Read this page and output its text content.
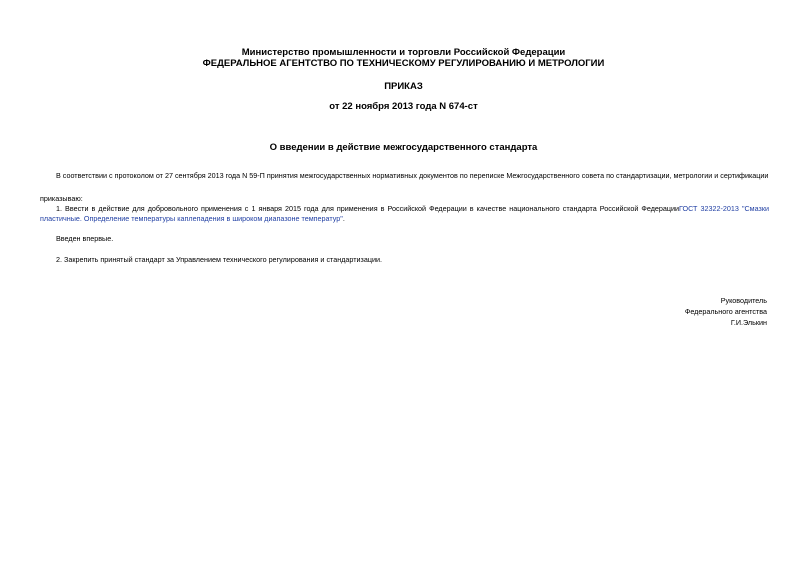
Министерство промышленности и торговли Российской Федерации
ФЕДЕРАЛЬНОЕ АГЕНТСТВО ПО ТЕХНИЧЕСКОМУ РЕГУЛИРОВАНИЮ И МЕТРОЛОГИИ
ПРИКАЗ
от 22 ноября 2013 года N 674-ст
О введении в действие межгосударственного стандарта
В соответствии с протоколом от 27 сентября 2013 года N 59-П принятия межгосударственных нормативных документов по переписке Межгосударственного совета по стандартизации, метрологии и сертификации
приказываю:
1. Ввести в действие для добровольного применения с 1 января 2015 года для применения в Российской Федерации в качестве национального стандарта Российской ФедерацииГОСТ 32322-2013 "Смазки
пластичные. Определение температуры каплепадения в широком диапазоне температур".
Введен впервые.
2. Закрепить принятый стандарт за Управлением технического регулирования и стандартизации.
Руководитель
Федерального агентства
Г.И.Элькин
